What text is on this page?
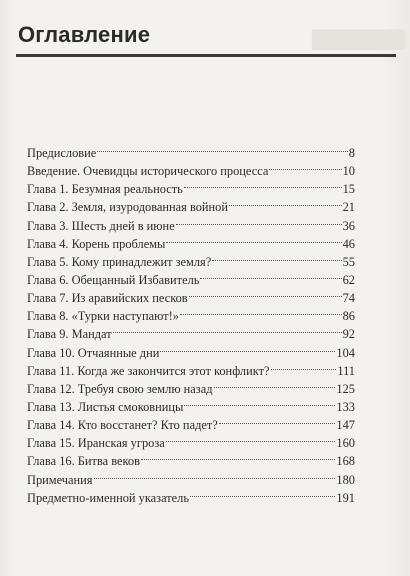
▇▇▇▇▇▇
Оглавление
Предисловие	8
Введение. Очевидцы исторического процесса	10
Глава 1. Безумная реальность	15
Глава 2. Земля, изуродованная войной	21
Глава 3. Шесть дней в июне	36
Глава 4. Корень проблемы	46
Глава 5. Кому принадлежит земля?	55
Глава 6. Обещанный Избавитель	62
Глава 7. Из аравийских песков	74
Глава 8. «Турки наступают!»	86
Глава 9. Мандат	92
Глава 10. Отчаянные дни	104
Глава 11. Когда же закончится этот конфликт?	111
Глава 12. Требуя свою землю назад	125
Глава 13. Листья смоковницы	133
Глава 14. Кто восстанет? Кто падет?	147
Глава 15. Иранская угроза	160
Глава 16. Битва веков	168
Примечания	180
Предметно-именной указатель	191
